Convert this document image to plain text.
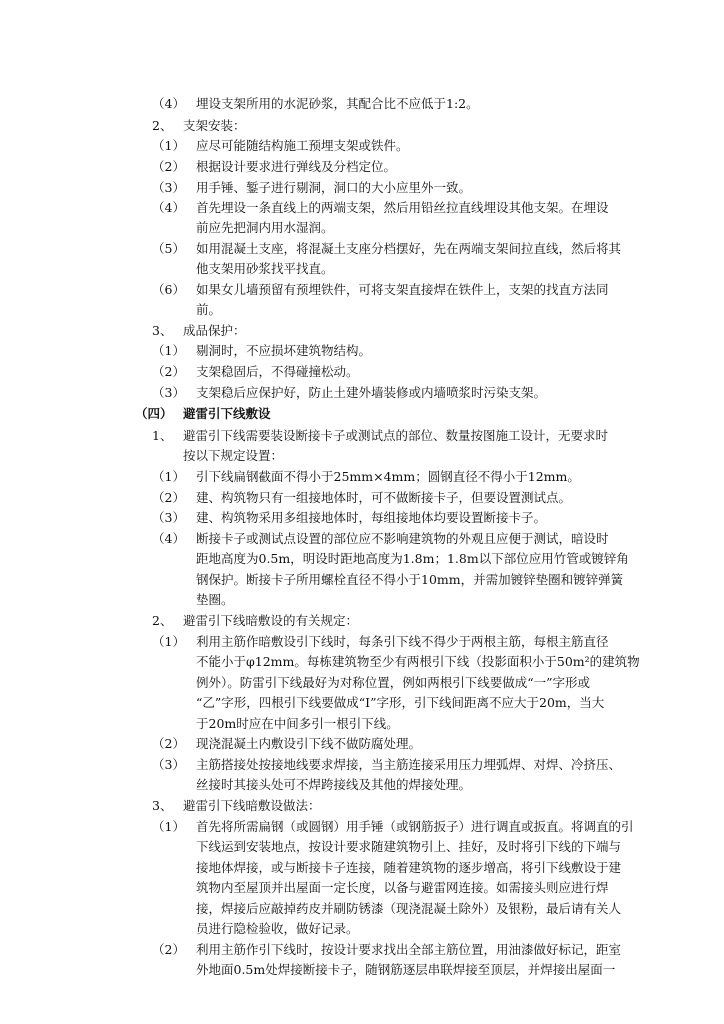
（4） 埋设支架所用的水泥砂浆，其配合比不应低于1:2。
2、 支架安装：
（1） 应尽可能随结构施工预埋支架或铁件。
（2） 根据设计要求进行弹线及分档定位。
（3） 用手锤、錾子进行剔洞，洞口的大小应里外一致。
（4） 首先埋设一条直线上的两端支架，然后用铅丝拉直线埋设其他支架。在埋设
前应先把洞内用水湿润。
（5） 如用混凝土支座，将混凝土支座分档摆好，先在两端支架间拉直线，然后将其
他支架用砂浆找平找直。
（6） 如果女儿墙预留有预埋铁件，可将支架直接焊在铁件上，支架的找直方法同
前。
3、 成品保护：
（1） 剔洞时，不应损坏建筑物结构。
（2） 支架稳固后，不得碰撞松动。
（3） 支架稳后应保护好，防止土建外墙装修或内墙喷浆时污染支架。
（四） 避雷引下线敷设
1、 避雷引下线需要装设断接卡子或测试点的部位、数量按图施工设计，无要求时
按以下规定设置：
（1） 引下线扁钢截面不得小于25mm×4mm；圆钢直径不得小于12mm。
（2） 建、构筑物只有一组接地体时，可不做断接卡子，但要设置测试点。
（3） 建、构筑物采用多组接地体时，每组接地体均要设置断接卡子。
（4） 断接卡子或测试点设置的部位应不影响建筑物的外观且应便于测试，暗设时
距地高度为0.5m，明设时距地高度为1.8m；1.8m以下部位应用竹管或镀锌角
钢保护。断接卡子所用螺栓直径不得小于10mm，并需加镀锌垫圈和镀锌弹簧
垫圈。
2、 避雷引下线暗敷设的有关规定：
（1） 利用主筋作暗敷设引下线时，每条引下线不得少于两根主筋，每根主筋直径
不能小于φ12mm。每栋建筑物至少有两根引下线（投影面积小于50m²的建筑物
例外）。防雷引下线最好为对称位置，例如两根引下线要做成“一”字形或
“乙”字形，四根引下线要做成“I”字形，引下线间距离不应大于20m，当大
于20m时应在中间多引一根引下线。
（2） 现浇混凝土内敷设引下线不做防腐处理。
（3） 主筋搭接处按接地线要求焊接，当主筋连接采用压力埋弧焊、对焊、冷挤压、
丝接时其接头处可不焊跨接线及其他的焊接处理。
3、 避雷引下线暗敷设做法：
（1） 首先将所需扁钢（或圆钢）用手锤（或钢筋扳子）进行调直或扳直。将调直的引
下线运到安装地点，按设计要求随建筑物引上、挂好，及时将引下线的下端与
接地体焊接，或与断接卡子连接，随着建筑物的逐步增高，将引下线敷设于建
筑物内至屋顶并出屋面一定长度，以备与避雷网连接。如需接头则应进行焊
接，焊接后应敲掉药皮并刷防锈漆（现浇混凝土除外）及银粉，最后请有关人
员进行隐检验收，做好记录。
（2） 利用主筋作引下线时，按设计要求找出全部主筋位置，用油漆做好标记，距室
外地面0.5m处焊接断接卡子，随钢筋逐层串联焊接至顶层，并焊接出屋面一
